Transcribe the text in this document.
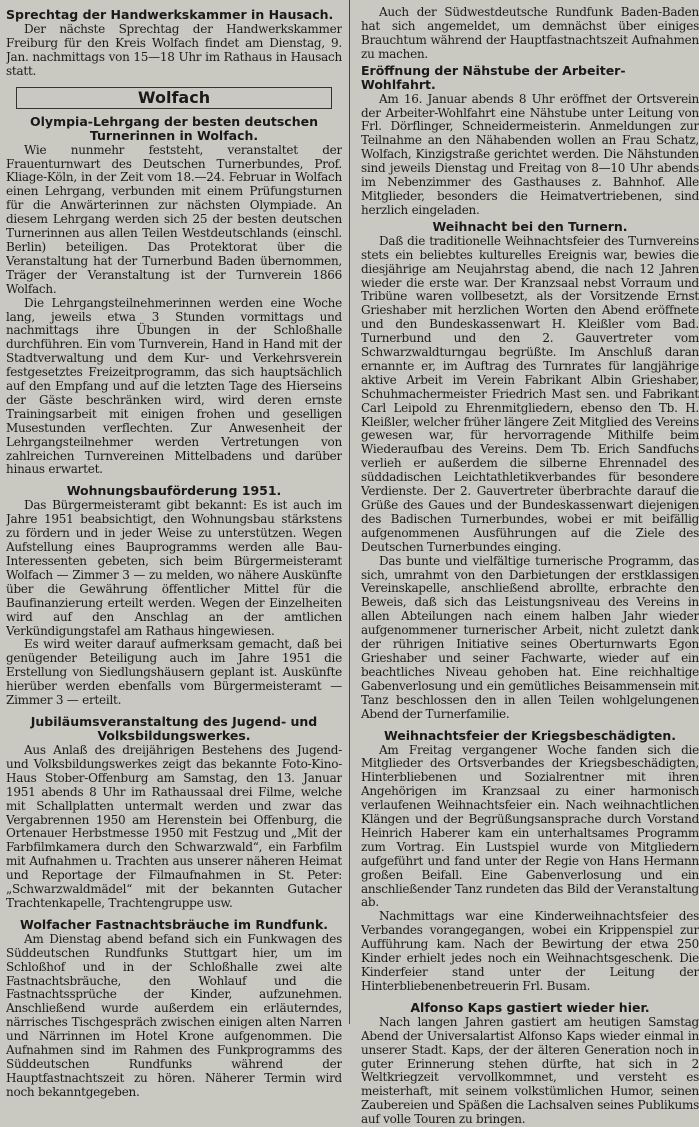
Sprechtag der Handwerkskammer in Hausach.

Der nächste Sprechtag der Handwerkskammer Freiburg für den Kreis Wolfach findet am Dienstag, 9. Jan. nachmittags von 15—18 Uhr im Rathaus in Hausach statt.

Wolfach
Olympia-Lehrgang der besten deutschen Turnerinnen in Wolfach.

Wie nunmehr feststeht, veranstaltet der Frauenturnwart des Deutschen Turnerbundes, Prof. Kliage-Köln, in der Zeit vom 18.—24. Februar in Wolfach einen Lehrgang, verbunden mit einem Prüfungsturnen für die Anwärterinnen zur nächsten Olympiade. An diesem Lehrgang werden sich 25 der besten deutschen Turnerinnen aus allen Teilen Westdeutschlands (einschl. Berlin) beteiligen. Das Protektorat über die Veranstaltung hat der Turnerbund Baden übernommen, Träger der Veranstaltung ist der Turnverein 1866 Wolfach.

Die Lehrgangsteilnehmerinnen werden eine Woche lang, jeweils etwa 3 Stunden vormittags und nachmittags ihre Übungen in der Schloßhalle durchführen. Ein vom Turnverein, Hand in Hand mit der Stadtverwaltung und dem Kur- und Verkehrsverein festgesetztes Freizeitprogramm, das sich hauptsächlich auf den Empfang und auf die letzten Tage des Hierseins der Gäste beschränken wird, wird deren ernste Trainingsarbeit mit einigen frohen und geselligen Musestunden verflechten. Zur Anwesenheit der Lehrgangsteilnehmer werden Vertretungen von zahlreichen Turnvereinen Mittelbadens und darüber hinaus erwartet.

Wohnungsbauförderung 1951.

Das Bürgermeisteramt gibt bekannt: Es ist auch im Jahre 1951 beabsichtigt, den Wohnungsbau stärkstens zu fördern und in jeder Weise zu unterstützen. Wegen Aufstellung eines Bauprogramms werden alle Bau-Interessenten gebeten, sich beim Bürgermeisteramt Wolfach — Zimmer 3 — zu melden, wo nähere Auskünfte über die Gewährung öffentlicher Mittel für die Baufinanzierung erteilt werden. Wegen der Einzelheiten wird auf den Anschlag an der amtlichen Verkündigungstafel am Rathaus hingewiesen.

Es wird weiter darauf aufmerksam gemacht, daß bei genügender Beteiligung auch im Jahre 1951 die Erstellung von Siedlungshäusern geplant ist. Auskünfte hierüber werden ebenfalls vom Bürgermeisteramt — Zimmer 3 — erteilt.

Jubiläumsveranstaltung des Jugend- und Volksbildungswerkes.

Aus Anlaß des dreijährigen Bestehens des Jugend- und Volksbildungswerkes zeigt das bekannte Foto-Kino-Haus Stober-Offenburg am Samstag, den 13. Januar 1951 abends 8 Uhr im Rathaussaal drei Filme, welche mit Schallplatten untermalt werden und zwar das Vergabrennen 1950 am Herenstein bei Offenburg, die Ortenauer Herbstmesse 1950 mit Festzug und „Mit der Farbfilmkamera durch den Schwarzwald“, ein Farbfilm mit Aufnahmen u. Trachten aus unserer näheren Heimat und Reportage der Filmaufnahmen in St. Peter: „Schwarzwaldmädel“ mit der bekannten Gutacher Trachtenkapelle, Trachtengruppe usw.

Wolfacher Fastnachtsbräuche im Rundfunk.

Am Dienstag abend befand sich ein Funkwagen des Süddeutschen Rundfunks Stuttgart hier, um im Schloßhof und in der Schloßhalle zwei alte Fastnachtsbräuche, den Wohlauf und die Fastnachtssprüche der Kinder, aufzunehmen. Anschließend wurde außerdem ein erläuterndes, närrisches Tischgespräch zwischen einigen alten Narren und Närrinnen im Hotel Krone aufgenommen. Die Aufnahmen sind im Rahmen des Funkprogramms des Süddeutschen Rundfunks während der Hauptfastnachtszeit zu hören. Näherer Termin wird noch bekanntgegeben.

Auch der Südwestdeutsche Rundfunk Baden-Baden hat sich angemeldet, um demnächst über einiges Brauchtum während der Hauptfastnachtszeit Aufnahmen zu machen.

Eröffnung der Nähstube der Arbeiter-Wohlfahrt.

Am 16. Januar abends 8 Uhr eröffnet der Ortsverein der Arbeiter-Wohlfahrt eine Nähstube unter Leitung von Frl. Dörflinger, Schneidermeisterin. Anmeldungen zur Teilnahme an den Nähabenden wollen an Frau Schatz, Wolfach, Kinzigstraße gerichtet werden. Die Nähstunden sind jeweils Dienstag und Freitag von 8—10 Uhr abends im Nebenzimmer des Gasthauses z. Bahnhof. Alle Mitglieder, besonders die Heimatvertriebenen, sind herzlich eingeladen.

Weihnacht bei den Turnern.

Daß die traditionelle Weihnachtsfeier des Turnvereins stets ein beliebtes kulturelles Ereignis war, bewies die diesjährige am Neujahrstag abend, die nach 12 Jahren wieder die erste war. Der Kranzsaal nebst Vorraum und Tribüne waren vollbesetzt, als der Vorsitzende Ernst Grieshaber mit herzlichen Worten den Abend eröffnete und den Bundeskassenwart H. Kleißler vom Bad. Turnerbund und den 2. Gauvertreter vom Schwarzwaldturngau begrüßte. Im Anschluß daran ernannte er, im Auftrag des Turnrates für langjährige aktive Arbeit im Verein Fabrikant Albin Grieshaber, Schuhmachermeister Friedrich Mast sen. und Fabrikant Carl Leipold zu Ehrenmitgliedern, ebenso den Tb. H. Kleißler, welcher früher längere Zeit Mitglied des Vereins gewesen war, für hervorragende Mithilfe beim Wiederaufbau des Vereins. Dem Tb. Erich Sandfuchs verlieh er außerdem die silberne Ehrennadel des süddadischen Leichtathletikverbandes für besondere Verdienste. Der 2. Gauvertreter überbrachte darauf die Grüße des Gaues und der Bundeskassenwart diejenigen des Badischen Turnerbundes, wobei er mit beifällig aufgenommenen Ausführungen auf die Ziele des Deutschen Turnerbundes einging.

Das bunte und vielfältige turnerische Programm, das sich, umrahmt von den Darbietungen der erstklassigen Vereinskapelle, anschließend abrollte, erbrachte den Beweis, daß sich das Leistungsniveau des Vereins in allen Abteilungen nach einem halben Jahr wieder aufgenommener turnerischer Arbeit, nicht zuletzt dank der rührigen Initiative seines Oberturnwarts Egon Grieshaber und seiner Fachwarte, wieder auf ein beachtliches Niveau gehoben hat. Eine reichhaltige Gabenverlosung und ein gemütliches Beisammensein mit Tanz beschlossen den in allen Teilen wohlgelungenen Abend der Turnerfamilie.

Weihnachtsfeier der Kriegsbeschädigten.

Am Freitag vergangener Woche fanden sich die Mitglieder des Ortsverbandes der Kriegsbeschädigten, Hinterbliebenen und Sozialrentner mit ihren Angehörigen im Kranzsaal zu einer harmonisch verlaufenen Weihnachtsfeier ein. Nach weihnachtlichen Klängen und der Begrüßungsansprache durch Vorstand Heinrich Haberer kam ein unterhaltsames Programm zum Vortrag. Ein Lustspiel wurde von Mitgliedern aufgeführt und fand unter der Regie von Hans Hermann großen Beifall. Eine Gabenverlosung und ein anschließender Tanz rundeten das Bild der Veranstaltung ab.

Nachmittags war eine Kinderweihnachtsfeier des Verbandes vorangegangen, wobei ein Krippenspiel zur Aufführung kam. Nach der Bewirtung der etwa 250 Kinder erhielt jedes noch ein Weihnachtsgeschenk. Die Kinderfeier stand unter der Leitung der Hinterbliebenenbetreuerin Frl. Busam.

Alfonso Kaps gastiert wieder hier.

Nach langen Jahren gastiert am heutigen Samstag Abend der Universalartist Alfonso Kaps wieder einmal in unserer Stadt. Kaps, der der älteren Generation noch in guter Erinnerung stehen dürfte, hat sich in 2 Weltkriegzeit vervollkommnet, und versteht es meisterhaft, mit seinem volkstümlichen Humor, seinen Zaubereien und Späßen die Lachsalven seines Publikums auf volle Touren zu bringen.
